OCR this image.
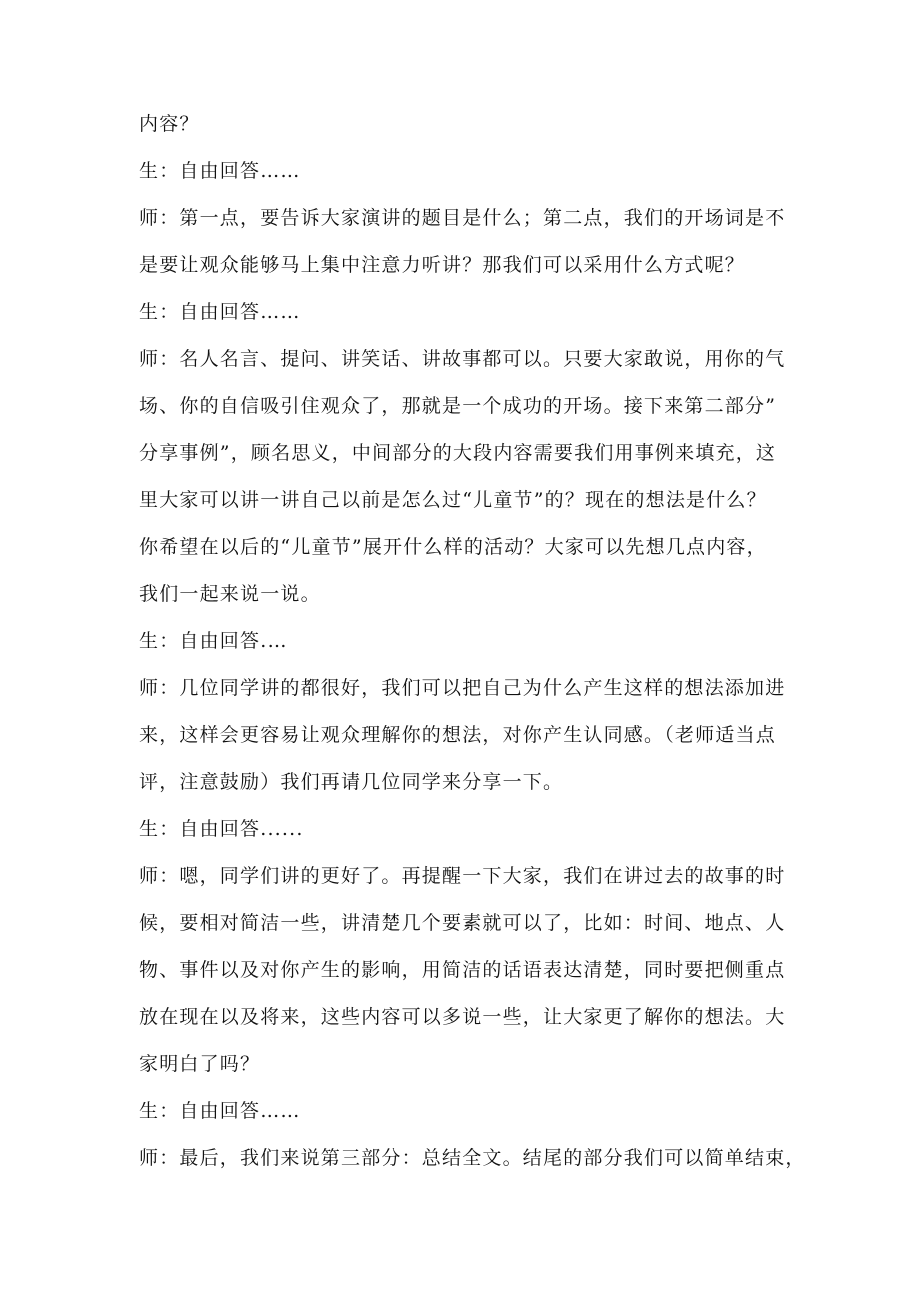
内容？
生：自由回答……
师：第一点，要告诉大家演讲的题目是什么；第二点，我们的开场词是不
是要让观众能够马上集中注意力听讲？那我们可以采用什么方式呢？
生：自由回答……
师：名人名言、提问、讲笑话、讲故事都可以。只要大家敢说，用你的气
场、你的自信吸引住观众了，那就是一个成功的开场。接下来第二部分”
分享事例”，顾名思义，中间部分的大段内容需要我们用事例来填充，这
里大家可以讲一讲自己以前是怎么过“儿童节”的？现在的想法是什么？
你希望在以后的“儿童节”展开什么样的活动？大家可以先想几点内容，
我们一起来说一说。
生：自由回答.…
师：几位同学讲的都很好，我们可以把自己为什么产生这样的想法添加进
来，这样会更容易让观众理解你的想法，对你产生认同感。（老师适当点
评，注意鼓励）我们再请几位同学来分享一下。
生：自由回答......
师：嗯，同学们讲的更好了。再提醒一下大家，我们在讲过去的故事的时
候，要相对简洁一些，讲清楚几个要素就可以了，比如：时间、地点、人
物、事件以及对你产生的影响，用简洁的话语表达清楚，同时要把侧重点
放在现在以及将来，这些内容可以多说一些，让大家更了解你的想法。大
家明白了吗？
生：自由回答……
师：最后，我们来说第三部分：总结全文。结尾的部分我们可以简单结束，
